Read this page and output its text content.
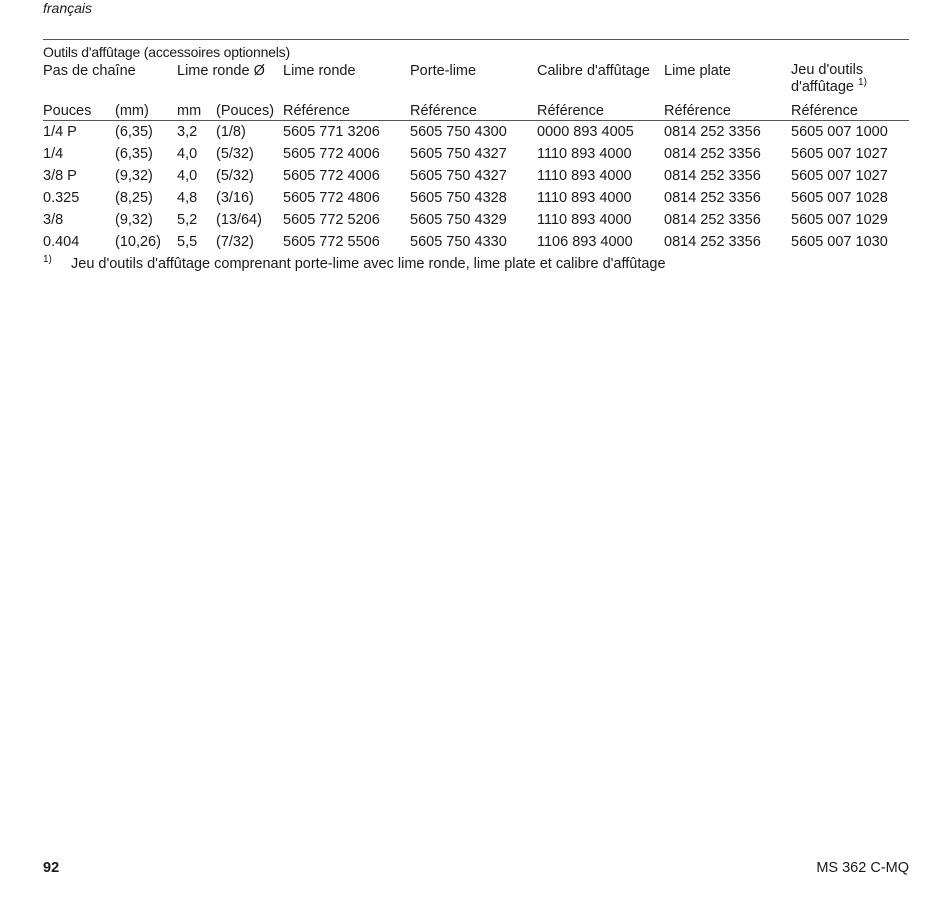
français
Outils d'affûtage (accessoires optionnels)
Pas de chaîne		Lime ronde Ø		Lime ronde	Porte-lime	Calibre d'affûtage	Lime plate	Jeu d'outils
d'affûtage $^{1)}$
Pouces	(mm)	mm	(Pouces)	Référence	Référence	Référence	Référence	Référence
1/4 P	(6,35)	3,2	(1/8)	5605 771 3206	5605 750 4300	0000 893 4005	0814 252 3356	5605 007 1000
1/4	(6,35)	4,0	(5/32)	5605 772 4006	5605 750 4327	1110 893 4000	0814 252 3356	5605 007 1027
3/8 P	(9,32)	4,0	(5/32)	5605 772 4006	5605 750 4327	1110 893 4000	0814 252 3356	5605 007 1027
0.325	(8,25)	4,8	(3/16)	5605 772 4806	5605 750 4328	1110 893 4000	0814 252 3356	5605 007 1028
3/8	(9,32)	5,2	(13/64)	5605 772 5206	5605 750 4329	1110 893 4000	0814 252 3356	5605 007 1029
0.404	(10,26)	5,5	(7/32)	5605 772 5506	5605 750 4330	1106 893 4000	0814 252 3356	5605 007 1030
1) Jeu d'outils d'affûtage comprenant porte-lime avec lime ronde, lime plate et calibre d'affûtage
92	MS 362 C-MQ
